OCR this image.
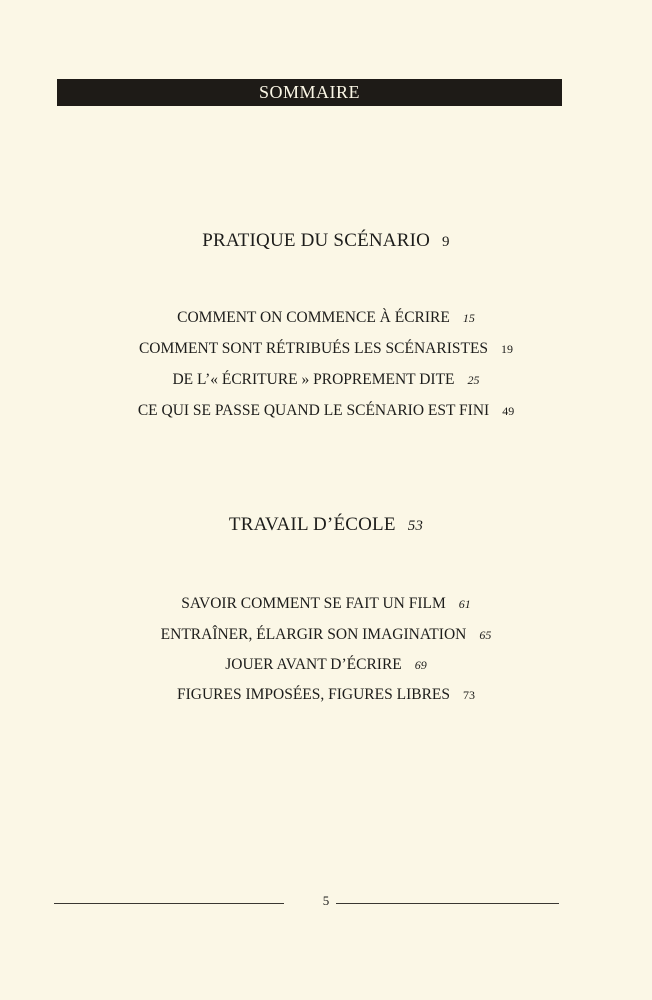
SOMMAIRE
PRATIQUE DU SCÉNARIO 9
COMMENT ON COMMENCE À ÉCRIRE 15
COMMENT SONT RÉTRIBUÉS LES SCÉNARISTES 19
DE L’« ÉCRITURE » PROPREMENT DITE 25
CE QUI SE PASSE QUAND LE SCÉNARIO EST FINI 49
TRAVAIL D’ÉCOLE 53
SAVOIR COMMENT SE FAIT UN FILM 61
ENTRAÎNER, ÉLARGIR SON IMAGINATION 65
JOUER AVANT D’ÉCRIRE 69
FIGURES IMPOSÉES, FIGURES LIBRES 73
5
